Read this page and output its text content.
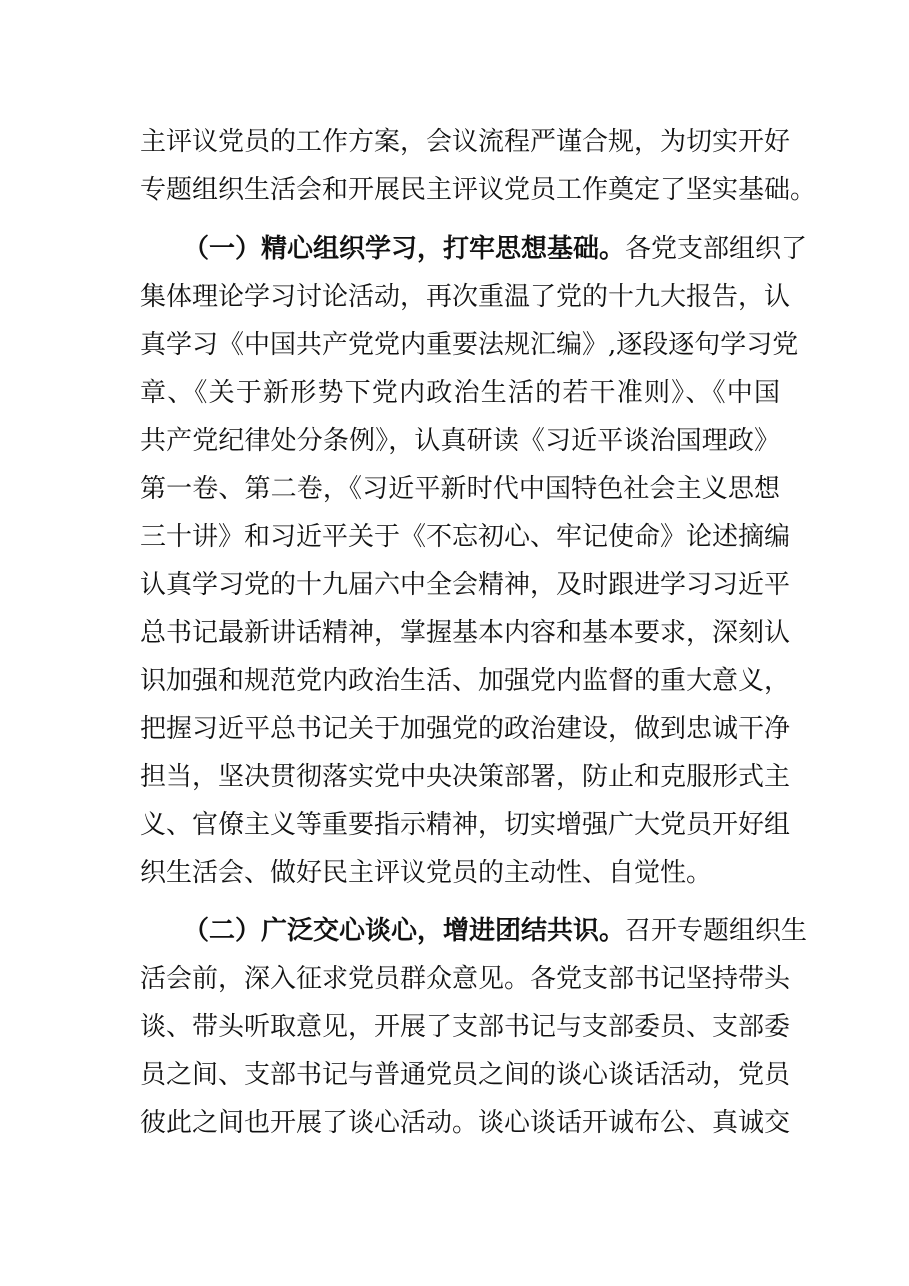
主评议党员的工作方案，会议流程严谨合规，为切实开好
专题组织生活会和开展民主评议党员工作奠定了坚实基础。
（一）精心组织学习，打牢思想基础。各党支部组织了
集体理论学习讨论活动，再次重温了党的十九大报告，认
真学习《中国共产党党内重要法规汇编》,逐段逐句学习党
章、《关于新形势下党内政治生活的若干准则》、《中国
共产党纪律处分条例》，认真研读《习近平谈治国理政》
第一卷、第二卷，《习近平新时代中国特色社会主义思想
三十讲》和习近平关于《不忘初心、牢记使命》论述摘编
认真学习党的十九届六中全会精神，及时跟进学习习近平
总书记最新讲话精神，掌握基本内容和基本要求，深刻认
识加强和规范党内政治生活、加强党内监督的重大意义，
把握习近平总书记关于加强党的政治建设，做到忠诚干净
担当，坚决贯彻落实党中央决策部署，防止和克服形式主
义、官僚主义等重要指示精神，切实增强广大党员开好组
织生活会、做好民主评议党员的主动性、自觉性。
（二）广泛交心谈心，增进团结共识。召开专题组织生
活会前，深入征求党员群众意见。各党支部书记坚持带头
谈、带头听取意见，开展了支部书记与支部委员、支部委
员之间、支部书记与普通党员之间的谈心谈话活动，党员
彼此之间也开展了谈心活动。谈心谈话开诚布公、真诚交
